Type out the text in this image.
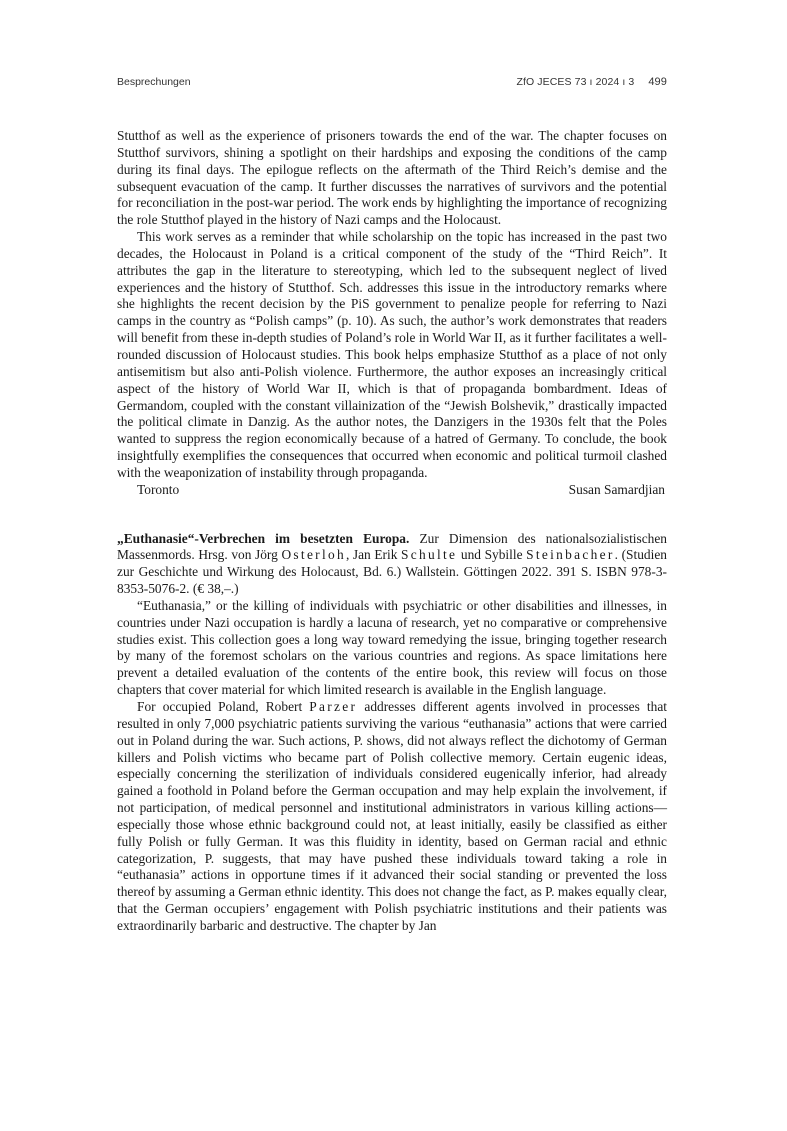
Besprechungen	ZfO JECES 73 ı 2024 ı 3 499

Stutthof as well as the experience of prisoners towards the end of the war. The chapter focuses on Stutthof survivors, shining a spotlight on their hardships and exposing the conditions of the camp during its final days. The epilogue reflects on the aftermath of the Third Reich’s demise and the subsequent evacuation of the camp. It further discusses the narratives of survivors and the potential for reconciliation in the post-war period. The work ends by highlighting the importance of recognizing the role Stutthof played in the history of Nazi camps and the Holocaust.

This work serves as a reminder that while scholarship on the topic has increased in the past two decades, the Holocaust in Poland is a critical component of the study of the “Third Reich”. It attributes the gap in the literature to stereotyping, which led to the subsequent neglect of lived experiences and the history of Stutthof. Sch. addresses this issue in the introductory remarks where she highlights the recent decision by the PiS government to penalize people for referring to Nazi camps in the country as “Polish camps” (p. 10). As such, the author’s work demonstrates that readers will benefit from these in-depth studies of Poland’s role in World War II, as it further facilitates a well-rounded discussion of Holocaust studies. This book helps emphasize Stutthof as a place of not only antisemitism but also anti-Polish violence. Furthermore, the author exposes an increasingly critical aspect of the history of World War II, which is that of propaganda bombardment. Ideas of Germandom, coupled with the constant villainization of the “Jewish Bolshevik,” drastically impacted the political climate in Danzig. As the author notes, the Danzigers in the 1930s felt that the Poles wanted to suppress the region economically because of a hatred of Germany. To conclude, the book insightfully exemplifies the consequences that occurred when economic and political turmoil clashed with the weaponization of instability through propaganda.

Toronto	Susan Samardjian

„Euthanasie“-Verbrechen im besetzten Europa. Zur Dimension des nationalsozialistischen Massenmords. Hrsg. von Jörg Osterloh, Jan Erik Schulte und Sybille Steinbacher. (Studien zur Geschichte und Wirkung des Holocaust, Bd. 6.) Wallstein. Göttingen 2022. 391 S. ISBN 978-3-8353-5076-2. (€ 38,–.)

“Euthanasia,” or the killing of individuals with psychiatric or other disabilities and illnesses, in countries under Nazi occupation is hardly a lacuna of research, yet no comparative or comprehensive studies exist. This collection goes a long way toward remedying the issue, bringing together research by many of the foremost scholars on the various countries and regions. As space limitations here prevent a detailed evaluation of the contents of the entire book, this review will focus on those chapters that cover material for which limited research is available in the English language.

For occupied Poland, Robert Parzer addresses different agents involved in processes that resulted in only 7,000 psychiatric patients surviving the various “euthanasia” actions that were carried out in Poland during the war. Such actions, P. shows, did not always reflect the dichotomy of German killers and Polish victims who became part of Polish collective memory. Certain eugenic ideas, especially concerning the sterilization of individuals considered eugenically inferior, had already gained a foothold in Poland before the German occupation and may help explain the involvement, if not participation, of medical personnel and institutional administrators in various killing actions—especially those whose ethnic background could not, at least initially, easily be classified as either fully Polish or fully German. It was this fluidity in identity, based on German racial and ethnic categorization, P. suggests, that may have pushed these individuals toward taking a role in “euthanasia” actions in opportune times if it advanced their social standing or prevented the loss thereof by assuming a German ethnic identity. This does not change the fact, as P. makes equally clear, that the German occupiers’ engagement with Polish psychiatric institutions and their patients was extraordinarily barbaric and destructive. The chapter by Jan
